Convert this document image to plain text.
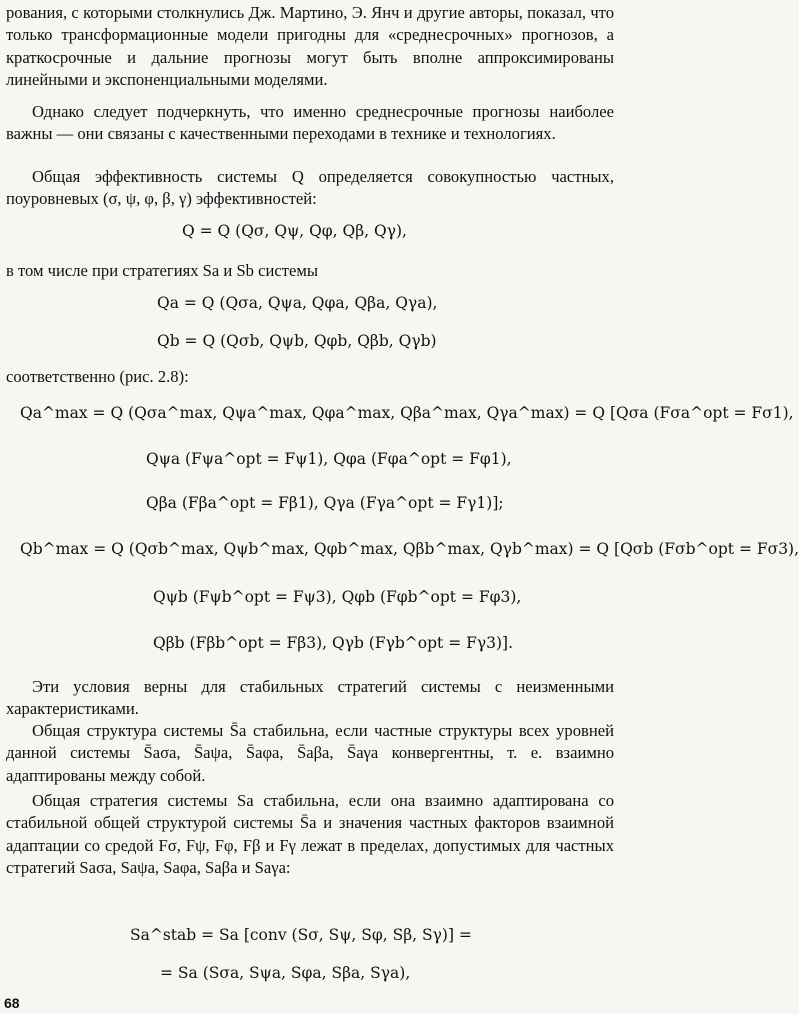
рования, с которыми столкнулись Дж. Мартино, Э. Янч и другие авторы, показал, что только трансформационные модели пригодны для «среднесрочных» прогнозов, а краткосрочные и дальние прогнозы могут быть вполне аппроксимированы линейными и экспоненциальными моделями.

Однако следует подчеркнуть, что именно среднесрочные прогнозы наиболее важны — они связаны с качественными переходами в технике и технологиях.

Общая эффективность системы Q определяется совокупностью частных, поуровневых (σ, ψ, φ, β, γ) эффективностей:

Q = Q (Qσ, Qψ, Qφ, Qβ, Qγ),

в том числе при стратегиях Sa и Sb системы

Qa = Q (Qσa, Qψa, Qφa, Qβa, Qγa),
Qb = Q (Qσb, Qψb, Qφb, Qβb, Qγb)

соответственно (рис. 2.8):

Qa^max = Q (Qσa^max, Qψa^max, Qφa^max, Qβa^max, Qγa^max) = Q [Qσa (Fσa^opt = Fσ1),
Qψa (Fψa^opt = Fψ1), Qφa (Fφa^opt = Fφ1),
Qβa (Fβa^opt = Fβ1), Qγa (Fγa^opt = Fγ1)];
Qb^max = Q (Qσb^max, Qψb^max, Qφb^max, Qβb^max, Qγb^max) = Q [Qσb (Fσb^opt = Fσ3),
Qψb (Fψb^opt = Fψ3), Qφb (Fφb^opt = Fφ3),
Qβb (Fβb^opt = Fβ3), Qγb (Fγb^opt = Fγ3)].

Эти условия верны для стабильных стратегий системы с неизменными характеристиками.

Общая структура системы S̄a стабильна, если частные структуры всех уровней данной системы S̄aσa, S̄aψa, S̄aφa, S̄aβa, S̄aγa конвергентны, т. е. взаимно адаптированы между собой.

Общая стратегия системы Sa стабильна, если она взаимно адаптирована со стабильной общей структурой системы S̄a и значения частных факторов взаимной адаптации со средой Fσ, Fψ, Fφ, Fβ и Fγ лежат в пределах, допустимых для частных стратегий Saσa, Saψa, Saφa, Saβa и Saγa:

Sa^stab = Sa [conv (Sσ, Sψ, Sφ, Sβ, Sγ)] =
= Sa (Sσa, Sψa, Sφa, Sβa, Sγa),
68
